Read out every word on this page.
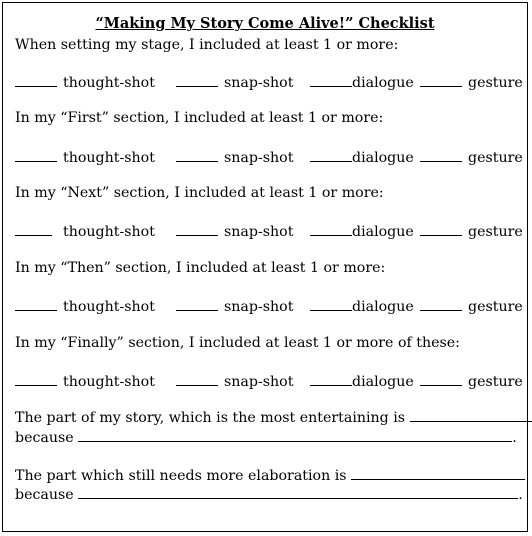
“Making My Story Come Alive!” Checklist
When setting my stage, I included at least 1 or more:
thought-shot	snap-shot	dialogue	gesture
In my “First” section, I included at least 1 or more:
thought-shot	snap-shot	dialogue	gesture
In my “Next” section, I included at least 1 or more:
thought-shot	snap-shot	dialogue	gesture
In my “Then” section, I included at least 1 or more:
thought-shot	snap-shot	dialogue	gesture
In my “Finally” section, I included at least 1 or more of these:
thought-shot	snap-shot	dialogue	gesture
The part of my story, which is the most entertaining is
because	.
The part which still needs more elaboration is
because	.
